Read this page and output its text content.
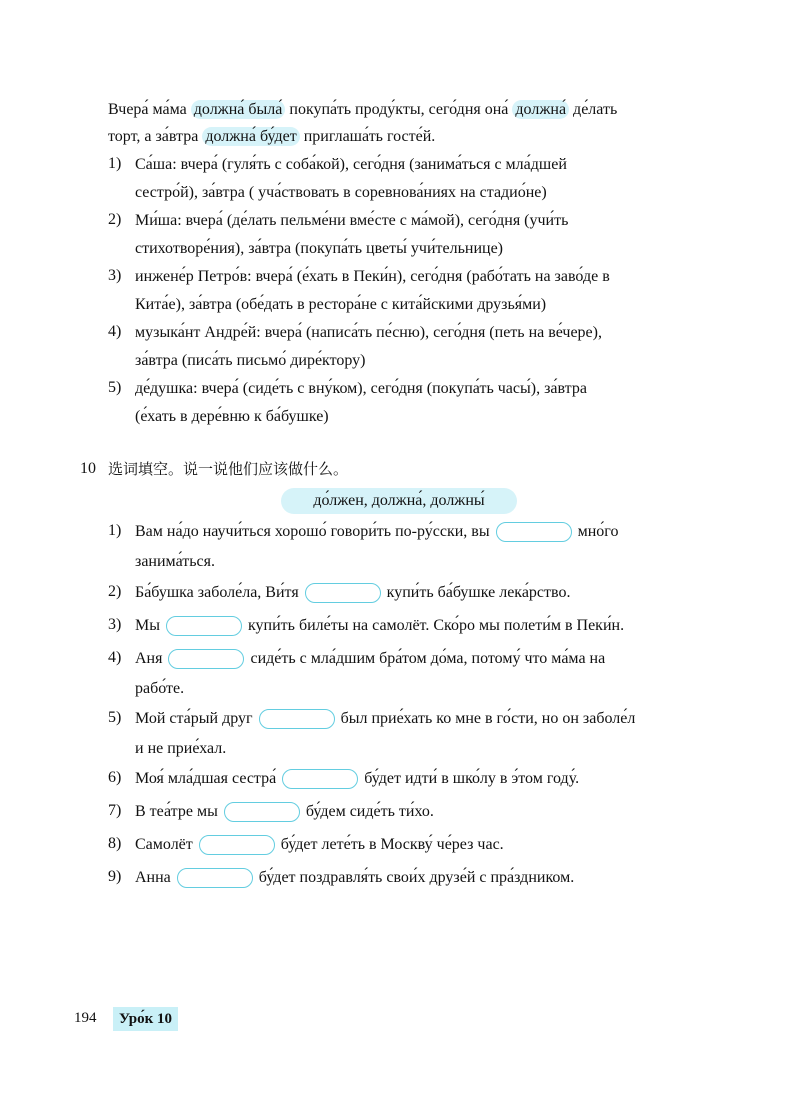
Вчера́ ма́ма должна́ была́ покупа́ть проду́кты, сего́дня она́ должна́ де́лать
торт, а за́втра должна́ бу́дет приглаша́ть госте́й.
1) Са́ша: вчера́ (гуля́ть с соба́кой), сего́дня (занима́ться с мла́дшей
сестро́й), за́втра ( уча́ствовать в соревнова́ниях на стадио́не)
2) Ми́ша: вчера́ (де́лать пельме́ни вме́сте с ма́мой), сего́дня (учи́ть
стихотворе́ния), за́втра (покупа́ть цветы́ учи́тельнице)
3) инжене́р Петро́в: вчера́ (е́хать в Пеки́н), сего́дня (рабо́тать на заво́де в
Кита́е), за́втра (обе́дать в рестора́не с кита́йскими друзья́ми)
4) музыка́нт Андре́й: вчера́ (написа́ть пе́сню), сего́дня (петь на ве́чере),
за́втра (писа́ть письмо́ дире́ктору)
5) де́душка: вчера́ (сиде́ть с вну́ком), сего́дня (покупа́ть часы́), за́втра
(е́хать в дере́вню к ба́бушке)
10 选词填空。说一说他们应该做什么。
до́лжен, должна́, должны́
1) Вам на́до научи́ться хорошо́ говори́ть по-ру́сски, вы	мно́го
занима́ться.
2) Ба́бушка заболе́ла, Ви́тя	купи́ть ба́бушке лека́рство.
3) Мы	купи́ть биле́ты на самолёт. Ско́ро мы полети́м в Пеки́н.
4) Аня	сиде́ть с мла́дшим бра́том до́ма, потому́ что ма́ма на
рабо́те.
5) Мой ста́рый друг	был прие́хать ко мне в го́сти, но он заболе́л
и не прие́хал.
6) Моя́ мла́дшая сестра́	бу́дет идти́ в шко́лу в э́том году́.
7) В теа́тре мы	бу́дем сиде́ть ти́хо.
8) Самолёт	бу́дет лете́ть в Москву́ че́рез час.
9) Анна	бу́дет поздравля́ть свои́х друзе́й с пра́здником.
194	Уро́к 10
